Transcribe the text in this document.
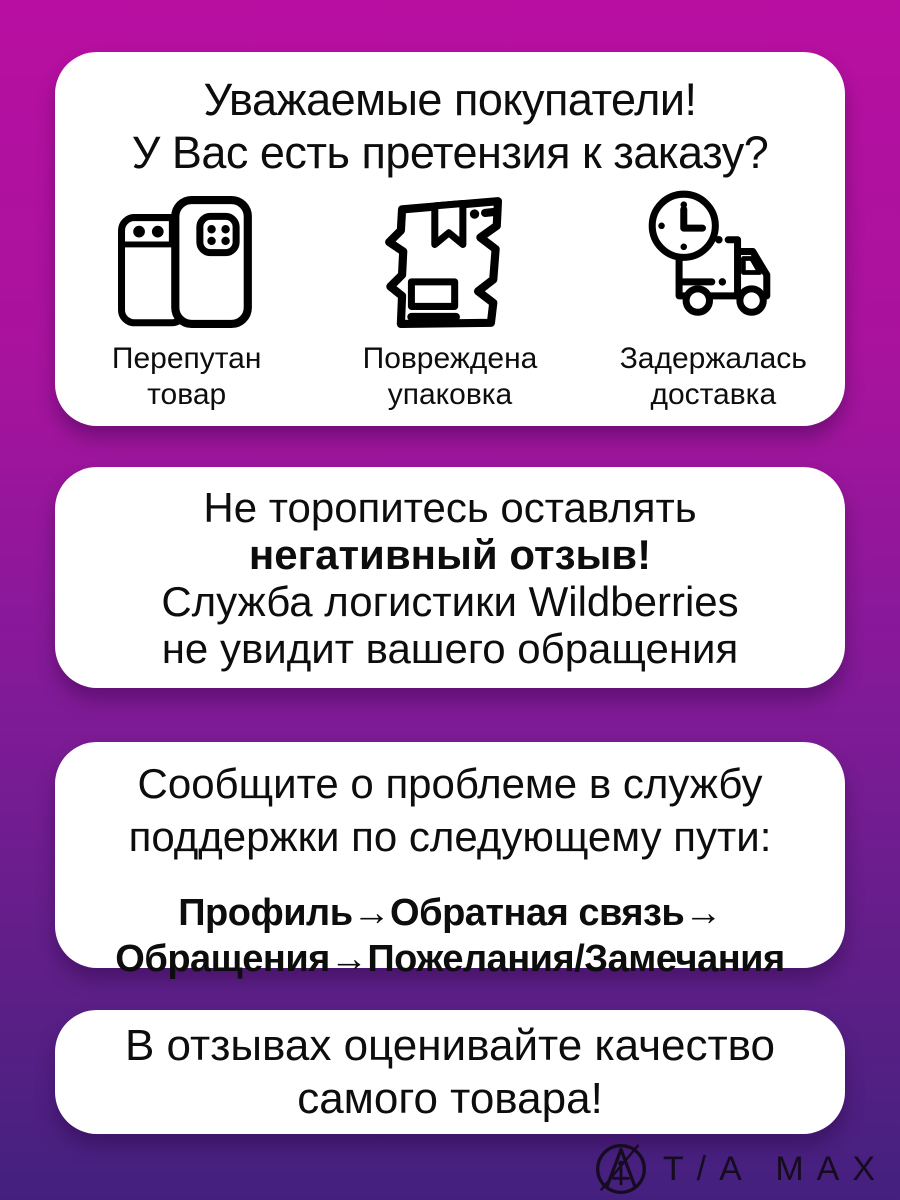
Уважаемые покупатели!
У Вас есть претензия к заказу?
Перепутан
товар
Повреждена
упаковка
Задержалась
доставка
Не торопитесь оставлять
негативный отзыв!
Служба логистики Wildberries
не увидит вашего обращения
Сообщите о проблеме в службу
поддержки по следующему пути:
Профиль→Обратная связь→
Обращения→Пожелания/Замечания
В отзывах оценивайте качество
самого товара!
T/A MAX
